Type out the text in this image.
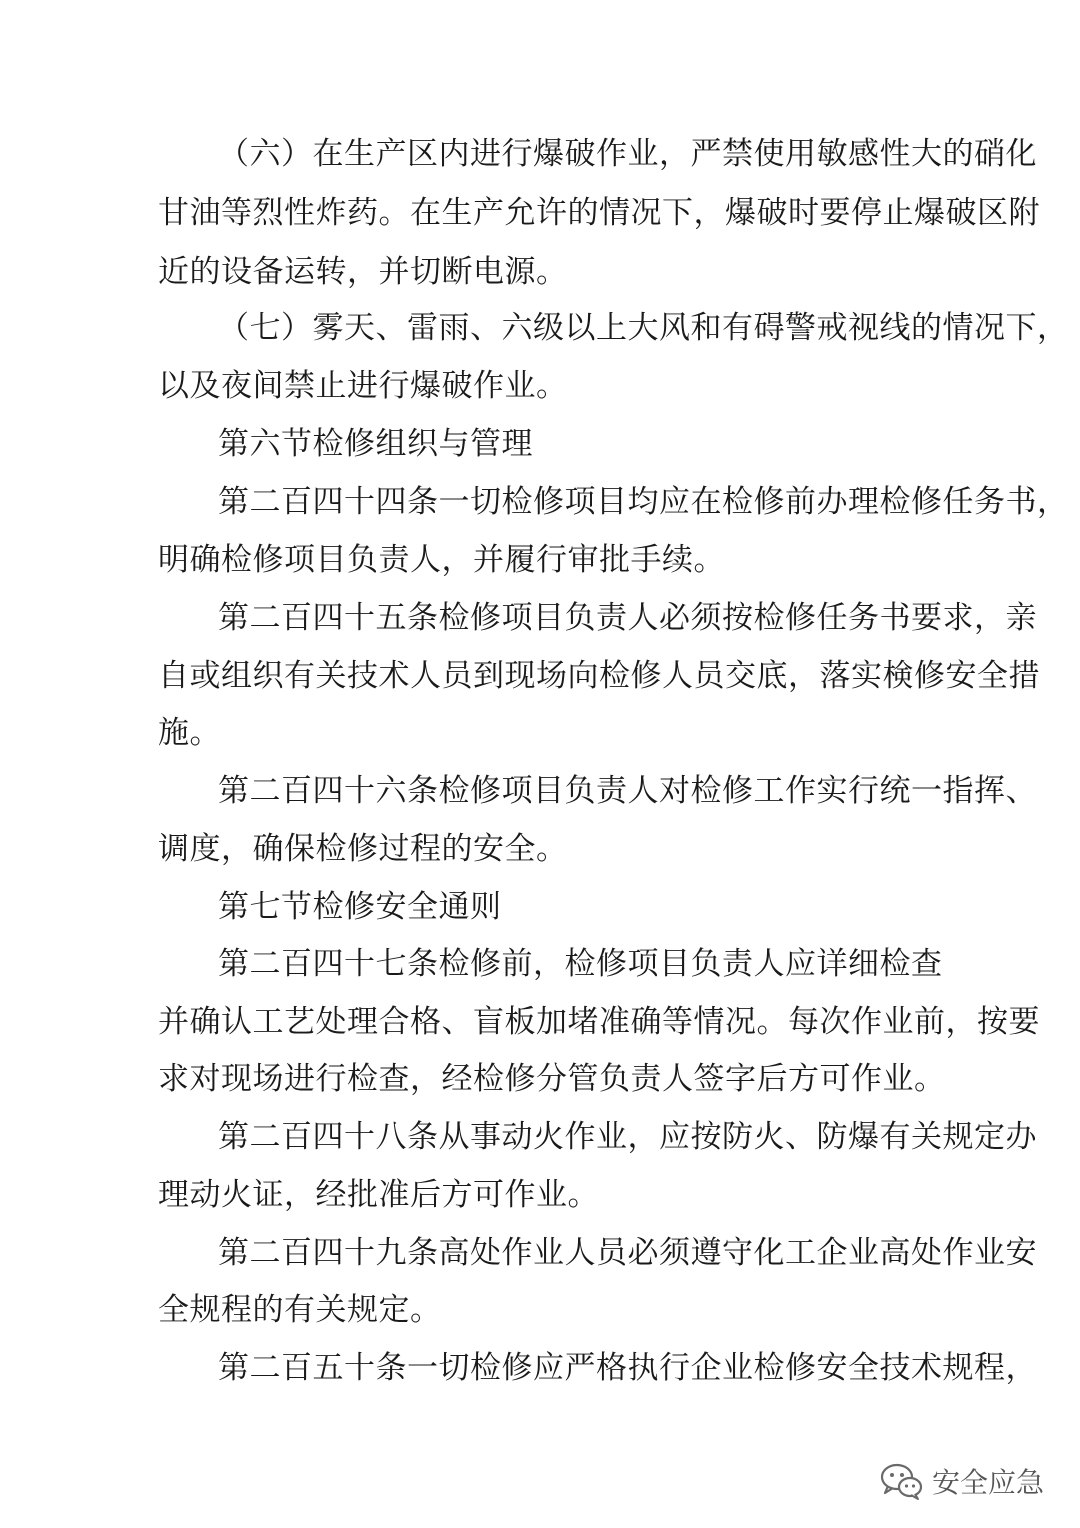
（六）在生产区内进行爆破作业，严禁使用敏感性大的硝化
甘油等烈性炸药。在生产允许的情况下，爆破时要停止爆破区附
近的设备运转，并切断电源。
（七）雾天、雷雨、六级以上大风和有碍警戒视线的情况下，
以及夜间禁止进行爆破作业。
第六节检修组织与管理
第二百四十四条一切检修项目均应在检修前办理检修任务书，
明确检修项目负责人，并履行审批手续。
第二百四十五条检修项目负责人必须按检修任务书要求，亲
自或组织有关技术人员到现场向检修人员交底，落实検修安全措
施。
第二百四十六条检修项目负责人对检修工作实行统一指挥、
调度，确保检修过程的安全。
第七节检修安全通则
第二百四十七条检修前，检修项目负责人应详细检查
并确认工艺处理合格、盲板加堵准确等情况。每次作业前，按要
求对现场进行检查，经检修分管负责人签字后方可作业。
第二百四十八条从事动火作业，应按防火、防爆有关规定办
理动火证，经批准后方可作业。
第二百四十九条高处作业人员必须遵守化工企业高处作业安
全规程的有关规定。
第二百五十条一切检修应严格执行企业检修安全技术规程，
安全应急
